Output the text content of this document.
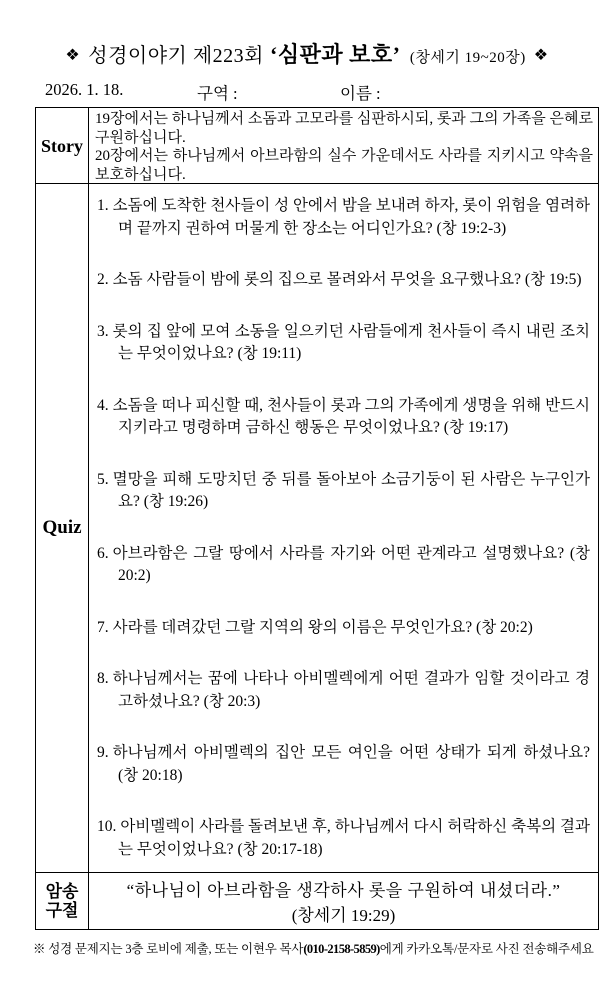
❖ 성경이야기 제223회 ‘심판과 보호’ (창세기 19~20장) ❖
2026. 1. 18.	구역 :	이름 :
Story

19장에서는 하나님께서 소돔과 고모라를 심판하시되, 롯과 그의 가족을 은혜로 구원하십니다.

20장에서는 하나님께서 아브라함의 실수 가운데서도 사라를 지키시고 약속을 보호하십니다.

Quiz
1. 소돔에 도착한 천사들이 성 안에서 밤을 보내려 하자, 롯이 위험을 염려하며 끝까지 권하여 머물게 한 장소는 어디인가요? (창 19:2-3)
2. 소돔 사람들이 밤에 롯의 집으로 몰려와서 무엇을 요구했나요? (창 19:5)
3. 롯의 집 앞에 모여 소동을 일으키던 사람들에게 천사들이 즉시 내린 조치는 무엇이었나요? (창 19:11)
4. 소돔을 떠나 피신할 때, 천사들이 롯과 그의 가족에게 생명을 위해 반드시 지키라고 명령하며 금하신 행동은 무엇이었나요? (창 19:17)
5. 멸망을 피해 도망치던 중 뒤를 돌아보아 소금기둥이 된 사람은 누구인가요? (창 19:26)
6. 아브라함은 그랄 땅에서 사라를 자기와 어떤 관계라고 설명했나요? (창 20:2)
7. 사라를 데려갔던 그랄 지역의 왕의 이름은 무엇인가요? (창 20:2)
8. 하나님께서는 꿈에 나타나 아비멜렉에게 어떤 결과가 임할 것이라고 경고하셨나요? (창 20:3)
9. 하나님께서 아비멜렉의 집안 모든 여인을 어떤 상태가 되게 하셨나요? (창 20:18)
10. 아비멜렉이 사라를 돌려보낸 후, 하나님께서 다시 허락하신 축복의 결과는 무엇이었나요? (창 20:17-18)
암송구절
“하나님이 아브라함을 생각하사 롯을 구원하여 내셨더라.”
(창세기 19:29)
※ 성경 문제지는 3층 로비에 제출, 또는 이현우 목사(010-2158-5859)에게 카카오톡/문자로 사진 전송해주세요
